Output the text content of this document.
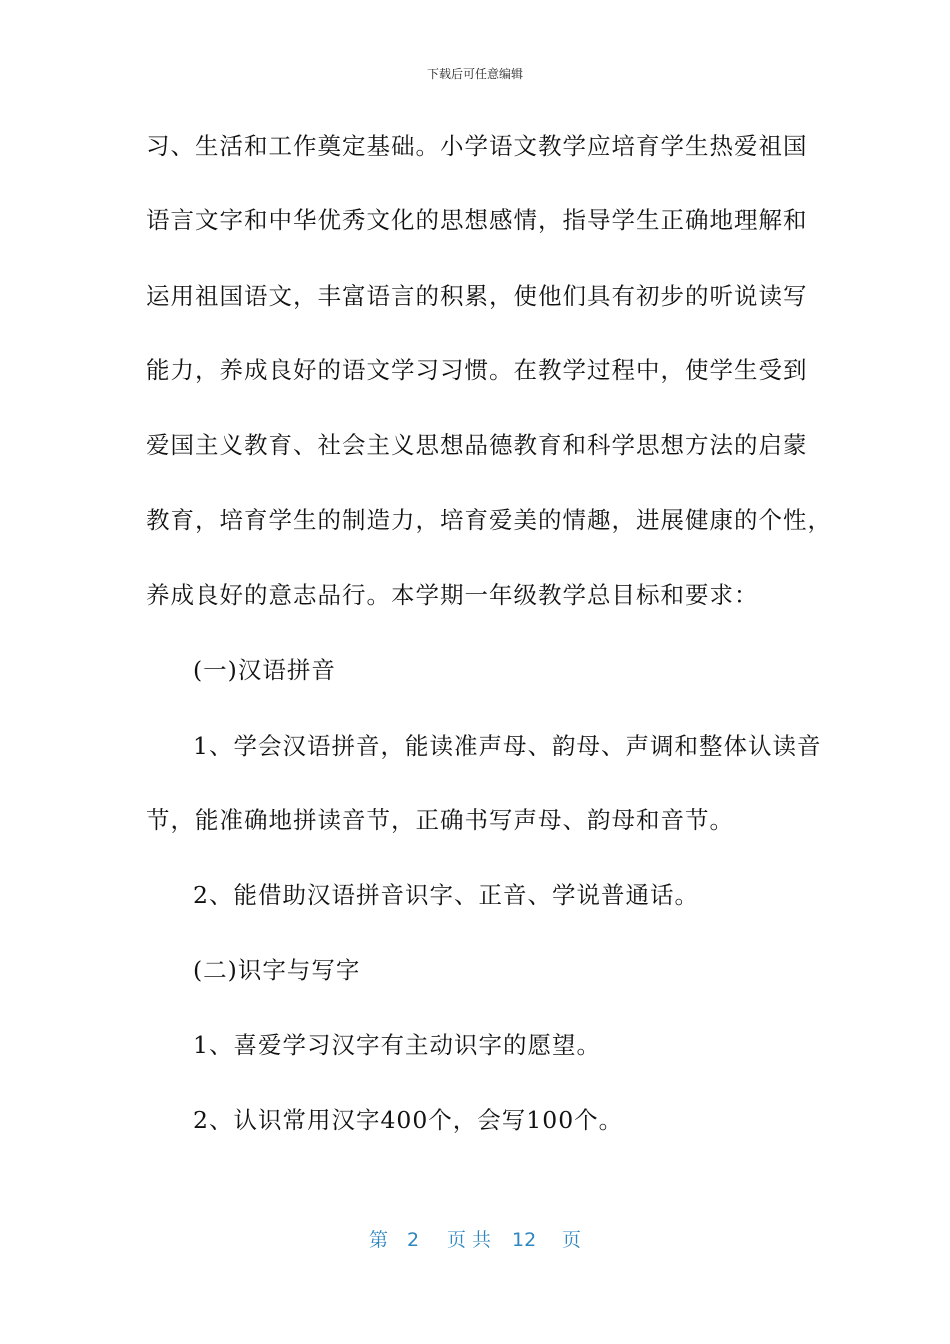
下载后可任意编辑
习、生活和工作奠定基础。小学语文教学应培育学生热爱祖国
语言文字和中华优秀文化的思想感情，指导学生正确地理解和
运用祖国语文，丰富语言的积累，使他们具有初步的听说读写
能力，养成良好的语文学习习惯。在教学过程中，使学生受到
爱国主义教育、社会主义思想品德教育和科学思想方法的启蒙
教育，培育学生的制造力，培育爱美的情趣，进展健康的个性，
养成良好的意志品行。本学期一年级教学总目标和要求：
(一)汉语拼音
1、学会汉语拼音，能读准声母、韵母、声调和整体认读音
节，能准确地拼读音节，正确书写声母、韵母和音节。
2、能借助汉语拼音识字、正音、学说普通话。
(二)识字与写字
1、喜爱学习汉字有主动识字的愿望。
2、认识常用汉字400个，会写100个。
第 2 页 共 12 页
